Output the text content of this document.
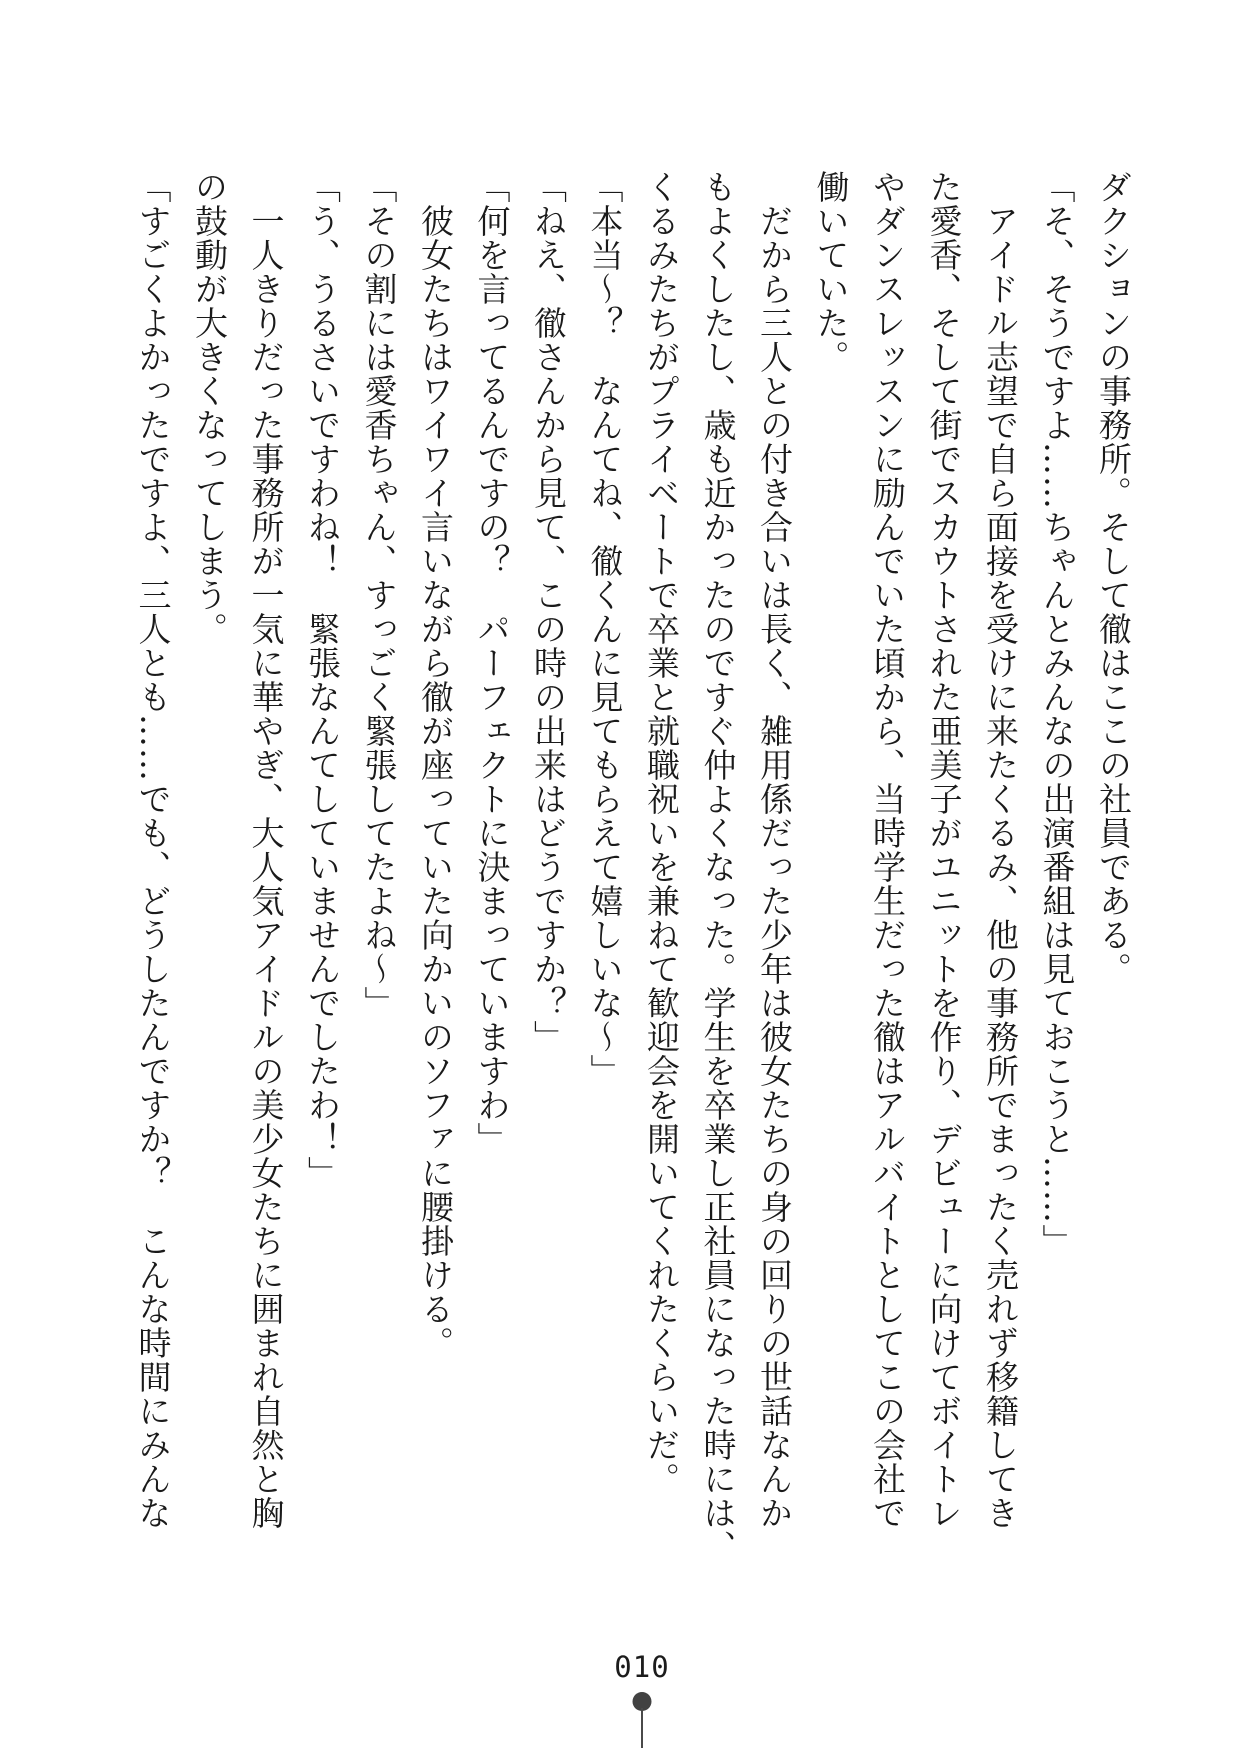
ダクションの事務所。そして徹はここの社員である。
「そ、そうですよ……ちゃんとみんなの出演番組は見ておこうと……」
アイドル志望で自ら面接を受けに来たくるみ、他の事務所でまったく売れず移籍してき
た愛香、そして街でスカウトされた亜美子がユニットを作り、デビューに向けてボイトレ
やダンスレッスンに励んでいた頃から、当時学生だった徹はアルバイトとしてこの会社で
働いていた。
だから三人との付き合いは長く、雑用係だった少年は彼女たちの身の回りの世話なんか
もよくしたし、歳も近かったのですぐ仲よくなった。学生を卒業し正社員になった時には、
くるみたちがプライベートで卒業と就職祝いを兼ねて歓迎会を開いてくれたくらいだ。
「本当〜？　なんてね、徹くんに見てもらえて嬉しいな〜」
「ねえ、徹さんから見て、この時の出来はどうですか？」
「何を言ってるんですの？　パーフェクトに決まっていますわ」
彼女たちはワイワイ言いながら徹が座っていた向かいのソファに腰掛ける。
「その割には愛香ちゃん、すっごく緊張してたよね〜」
「う、うるさいですわね！　緊張なんてしていませんでしたわ！」
一人きりだった事務所が一気に華やぎ、大人気アイドルの美少女たちに囲まれ自然と胸
の鼓動が大きくなってしまう。
「すごくよかったですよ、三人とも……でも、どうしたんですか？　こんな時間にみんな
010
